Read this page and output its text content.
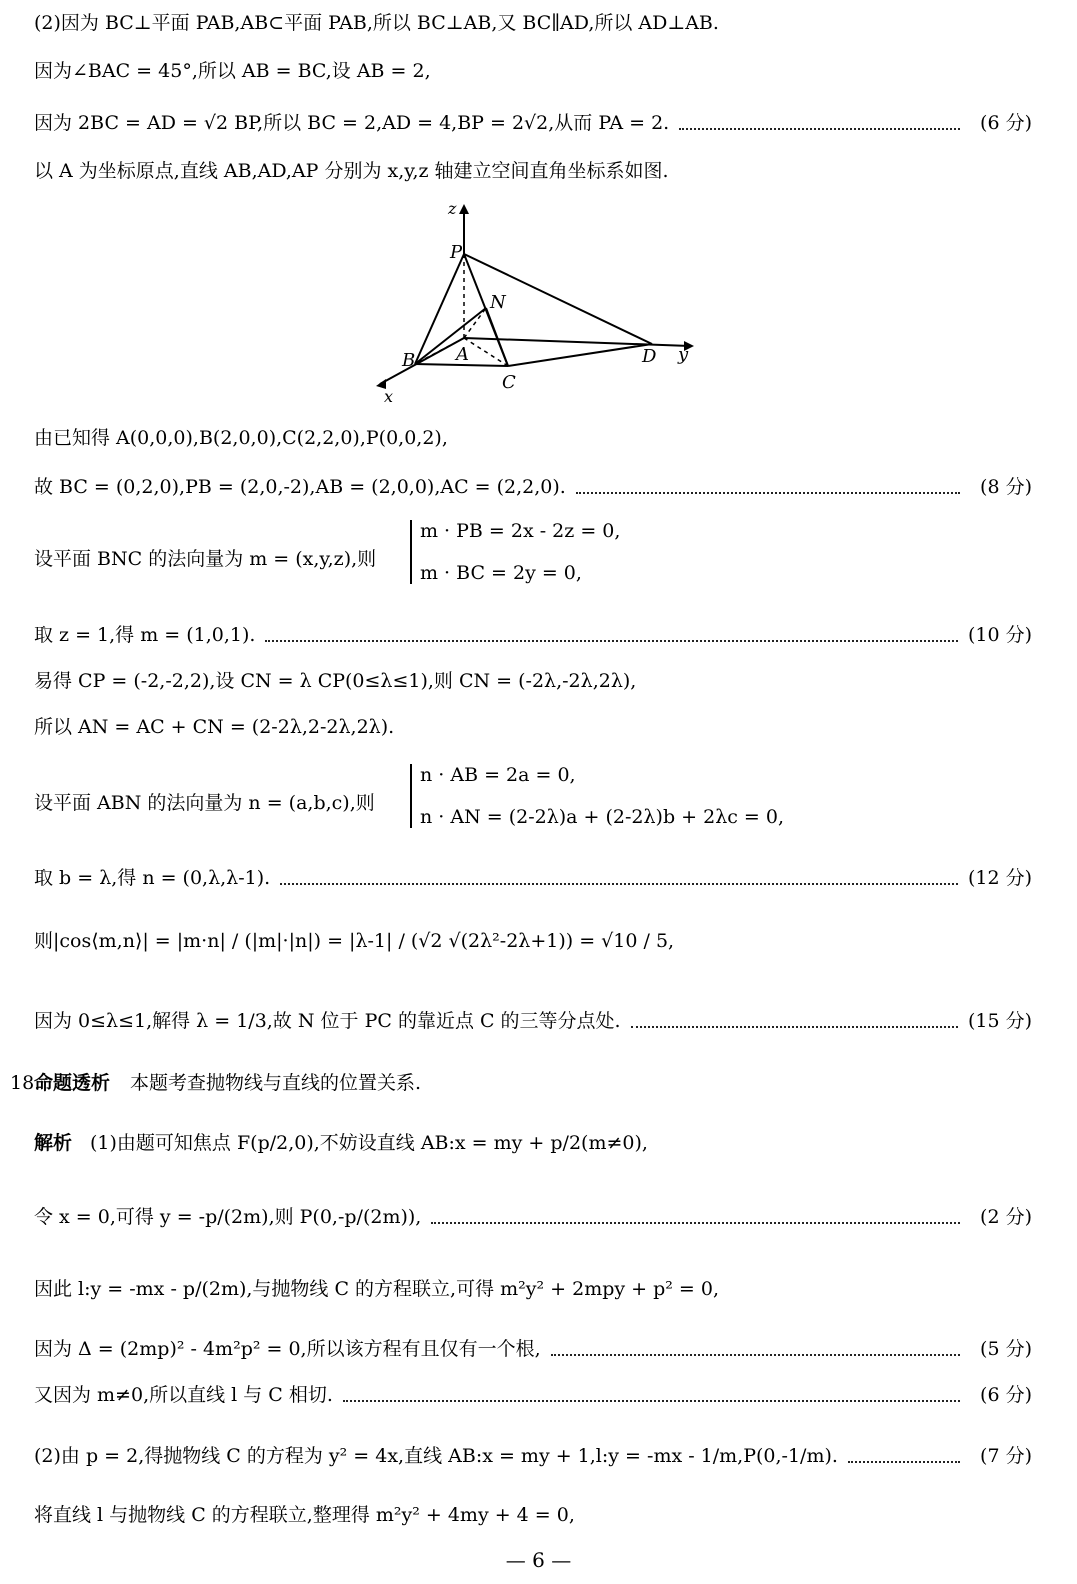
(2)因为 BC⊥平面 PAB,AB⊂平面 PAB,所以 BC⊥AB,又 BC∥AD,所以 AD⊥AB.
因为∠BAC = 45°,所以 AB = BC,设 AB = 2,
因为 2BC = AD = √2 BP,所以 BC = 2,AD = 4,BP = 2√2,从而 PA = 2.	(6 分)
以 A 为坐标原点,直线 AB,AD,AP 分别为 x,y,z 轴建立空间直角坐标系如图.
z
P
N
A
B
C
D y
x
由已知得 A(0,0,0),B(2,0,0),C(2,2,0),P(0,0,2),
故 BC = (0,2,0),PB = (2,0,-2),AB = (2,0,0),AC = (2,2,0).	(8 分)
设平面 BNC 的法向量为 m = (x,y,z),则
m · PB = 2x - 2z = 0,
m · BC = 2y = 0,
取 z = 1,得 m = (1,0,1).	(10 分)
易得 CP = (-2,-2,2),设 CN = λ CP(0≤λ≤1),则 CN = (-2λ,-2λ,2λ),
所以 AN = AC + CN = (2-2λ,2-2λ,2λ).
设平面 ABN 的法向量为 n = (a,b,c),则
n · AB = 2a = 0,
n · AN = (2-2λ)a + (2-2λ)b + 2λc = 0,
取 b = λ,得 n = (0,λ,λ-1).	(12 分)
则|cos⟨m,n⟩| = |m·n| / (|m|·|n|) = |λ-1| / (√2 √(2λ²-2λ+1)) = √10 / 5,
因为 0≤λ≤1,解得 λ = 1/3,故 N 位于 PC 的靠近点 C 的三等分点处.	(15 分)
18.
命题透析 本题考查抛物线与直线的位置关系.
解析 (1)由题可知焦点 F(p/2,0),不妨设直线 AB:x = my + p/2(m≠0),
令 x = 0,可得 y = -p/(2m),则 P(0,-p/(2m)),	(2 分)
因此 l:y = -mx - p/(2m),与抛物线 C 的方程联立,可得 m²y² + 2mpy + p² = 0,
因为 Δ = (2mp)² - 4m²p² = 0,所以该方程有且仅有一个根,	(5 分)
又因为 m≠0,所以直线 l 与 C 相切.	(6 分)
(2)由 p = 2,得抛物线 C 的方程为 y² = 4x,直线 AB:x = my + 1,l:y = -mx - 1/m,P(0,-1/m).	(7 分)
将直线 l 与抛物线 C 的方程联立,整理得 m²y² + 4my + 4 = 0,
— 6 —
